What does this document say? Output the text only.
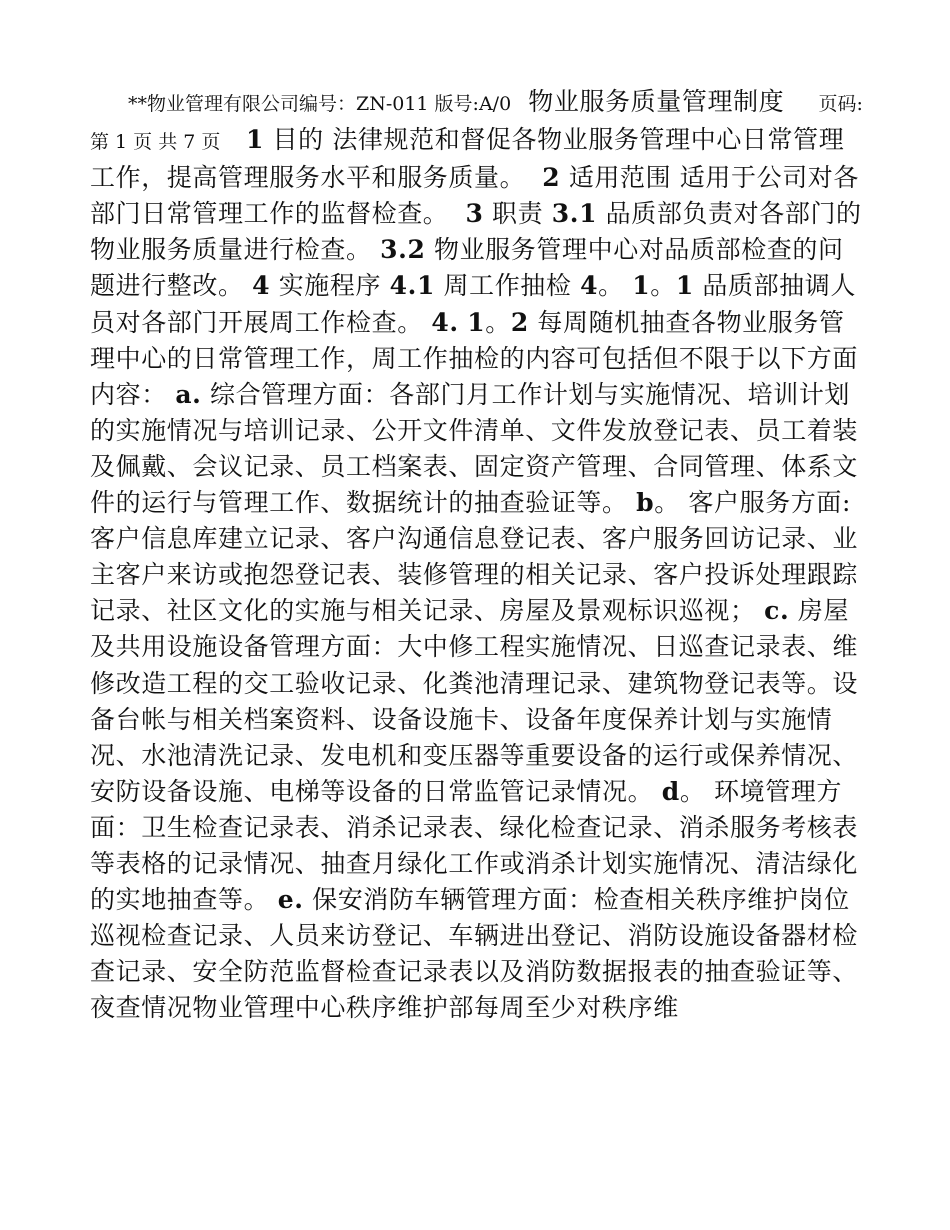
**物业管理有限公司编号：ZN-011 版号:A/0 物业服务质量管理制度 页码:第 1 页 共 7 页 1 目的 法律规范和督促各物业服务管理中心日常管理工作，提高管理服务水平和服务质量。 2 适用范围 适用于公司对各部门日常管理工作的监督检查。 3 职责 3.1 品质部负责对各部门的物业服务质量进行检查。 3.2 物业服务管理中心对品质部检查的问题进行整改。 4 实施程序 4.1 周工作抽检 4。 1。1 品质部抽调人员对各部门开展周工作检查。 4. 1。2 每周随机抽查各物业服务管理中心的日常管理工作，周工作抽检的内容可包括但不限于以下方面内容： a. 综合管理方面：各部门月工作计划与实施情况、培训计划的实施情况与培训记录、公开文件清单、文件发放登记表、员工着装及佩戴、会议记录、员工档案表、固定资产管理、合同管理、体系文件的运行与管理工作、数据统计的抽查验证等。 b。 客户服务方面:客户信息库建立记录、客户沟通信息登记表、客户服务回访记录、业主客户来访或抱怨登记表、装修管理的相关记录、客户投诉处理跟踪记录、社区文化的实施与相关记录、房屋及景观标识巡视； c. 房屋及共用设施设备管理方面：大中修工程实施情况、日巡查记录表、维修改造工程的交工验收记录、化粪池清理记录、建筑物登记表等。设备台帐与相关档案资料、设备设施卡、设备年度保养计划与实施情况、水池清洗记录、发电机和变压器等重要设备的运行或保养情况、安防设备设施、电梯等设备的日常监管记录情况。 d。 环境管理方面：卫生检查记录表、消杀记录表、绿化检查记录、消杀服务考核表等表格的记录情况、抽查月绿化工作或消杀计划实施情况、清洁绿化的实地抽查等。 e. 保安消防车辆管理方面：检查相关秩序维护岗位巡视检查记录、人员来访登记、车辆进出登记、消防设施设备器材检查记录、安全防范监督检查记录表以及消防数据报表的抽查验证等、夜查情况物业管理中心秩序维护部每周至少对秩序维
